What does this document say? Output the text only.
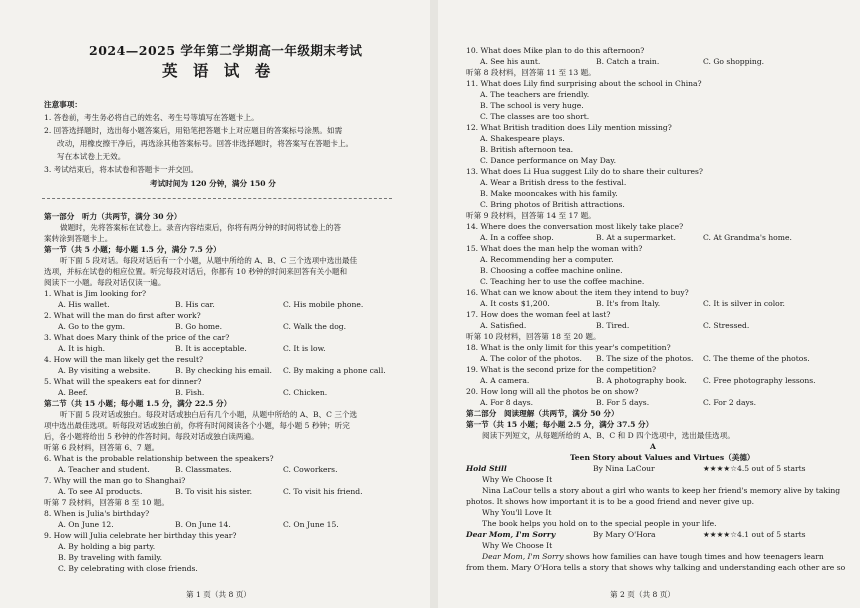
2024—2025 学年第二学期高一年级期末考试
英 语 试 卷
注意事项：
1. 答卷前，考生务必将自己的姓名、考生号等填写在答题卡上。
2. 回答选择题时，选出每小题答案后，用铅笔把答题卡上对应题目的答案标号涂黑。如需
改动，用橡皮擦干净后，再选涂其他答案标号。回答非选择题时，将答案写在答题卡上。
写在本试卷上无效。
3. 考试结束后，将本试卷和答题卡一并交回。
考试时间为 120 分钟，满分 150 分
第一部分　听力（共两节，满分 30 分）
做题时，先将答案标在试卷上。录音内容结束后，你将有两分钟的时间将试卷上的答
案转涂到答题卡上。
第一节（共 5 小题；每小题 1.5 分，满分 7.5 分）
听下面 5 段对话。每段对话后有一个小题，从题中所给的 A、B、C 三个选项中选出最佳
选项，并标在试卷的相应位置。听完每段对话后，你都有 10 秒钟的时间来回答有关小题和
阅读下一小题。每段对话仅读一遍。
1. What is Jim looking for?
A. His wallet.	B. His car.	C. His mobile phone.
2. What will the man do first after work?
A. Go to the gym.	B. Go home.	C. Walk the dog.
3. What does Mary think of the price of the car?
A. It is high.	B. It is acceptable.	C. It is low.
4. How will the man likely get the result?
A. By visiting a website.	B. By checking his email. C. By making a phone call.
5. What will the speakers eat for dinner?
A. Beef.	B. Fish.	C. Chicken.
第二节（共 15 小题；每小题 1.5 分，满分 22.5 分）
听下面 5 段对话或独白。每段对话或独白后有几个小题，从题中所给的 A、B、C 三个选
项中选出最佳选项。听每段对话或独白前，你将有时间阅读各个小题，每小题 5 秒钟；听完
后，各小题将给出 5 秒钟的作答时间。每段对话或独白读两遍。
听第 6 段材料，回答第 6、7 题。
6. What is the probable relationship between the speakers?
A. Teacher and student.	B. Classmates.	C. Coworkers.
7. Why will the man go to Shanghai?
A. To see AI products.	B. To visit his sister.	C. To visit his friend.
听第 7 段材料，回答第 8 至 10 题。
8. When is Julia's birthday?
A. On June 12.	B. On June 14.	C. On June 15.
9. How will Julia celebrate her birthday this year?
A. By holding a big party.
B. By traveling with family.
C. By celebrating with close friends.
第 1 页（共 8 页）
10. What does Mike plan to do this afternoon?
A. See his aunt.	B. Catch a train.	C. Go shopping.
听第 8 段材料，回答第 11 至 13 题。
11. What does Lily find surprising about the school in China?
A. The teachers are friendly.
B. The school is very huge.
C. The classes are too short.
12. What British tradition does Lily mention missing?
A. Shakespeare plays.
B. British afternoon tea.
C. Dance performance on May Day.
13. What does Li Hua suggest Lily do to share their cultures?
A. Wear a British dress to the festival.
B. Make mooncakes with his family.
C. Bring photos of British attractions.
听第 9 段材料，回答第 14 至 17 题。
14. Where does the conversation most likely take place?
A. In a coffee shop.	B. At a supermarket.	C. At Grandma's home.
15. What does the man help the woman with?
A. Recommending her a computer.
B. Choosing a coffee machine online.
C. Teaching her to use the coffee machine.
16. What can we know about the item they intend to buy?
A. It costs $1,200.	B. It's from Italy.	C. It is silver in color.
17. How does the woman feel at last?
A. Satisfied.	B. Tired.	C. Stressed.
听第 10 段材料，回答第 18 至 20 题。
18. What is the only limit for this year's competition?
A. The color of the photos. B. The size of the photos. C. The theme of the photos.
19. What is the second prize for the competition?
A. A camera.	B. A photography book. C. Free photography lessons.
20. How long will all the photos be on show?
A. For 8 days.	B. For 5 days.	C. For 2 days.
第二部分　阅读理解（共两节，满分 50 分）
第一节（共 15 小题；每小题 2.5 分，满分 37.5 分）
阅读下列短文，从每题所给的 A、B、C 和 D 四个选项中，选出最佳选项。
A
Teen Story about Values and Virtues（美德）
Hold Still	By Nina LaCour	★★★★☆4.5 out of 5 starts
Why We Choose It
Nina LaCour tells a story about a girl who wants to keep her friend's memory alive by taking
photos. It shows how important it is to be a good friend and never give up.
Why You'll Love It
The book helps you hold on to the special people in your life.
Dear Mom, I'm Sorry	By Mary O'Hora	★★★★☆4.1 out of 5 starts
Why We Choose It
Dear Mom, I'm Sorry shows how families can have tough times and how teenagers learn
from them. Mary O'Hora tells a story that shows why talking and understanding each other are so
第 2 页（共 8 页）
